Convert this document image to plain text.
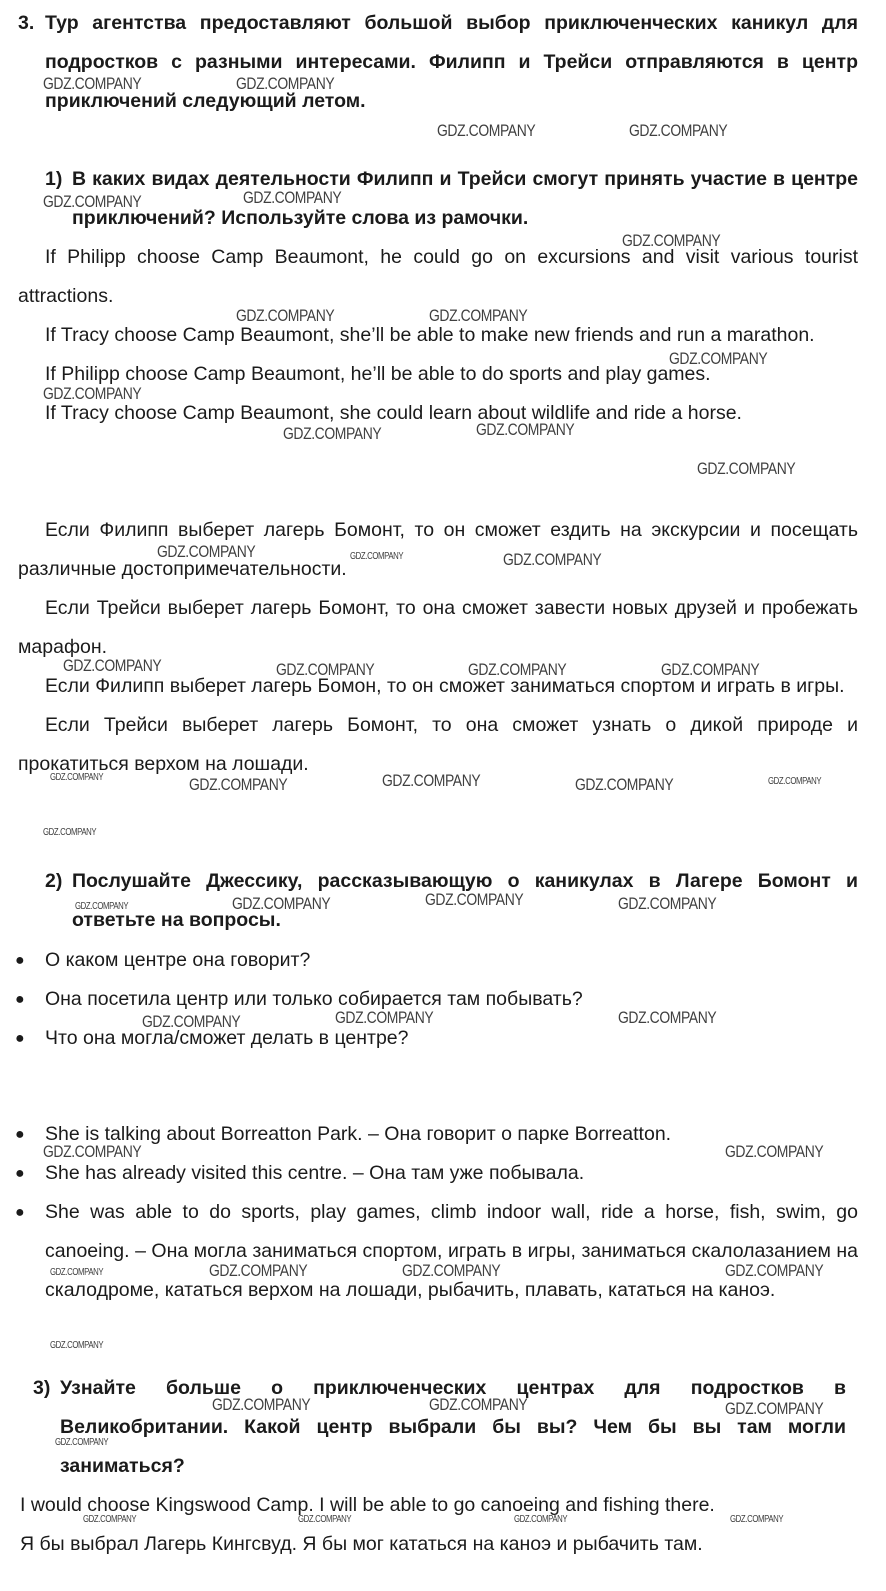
3. Тур агентства предоставляют большой выбор приключенческих каникул для подростков с разными интересами. Филипп и Трейси отправляются в центр приключений следующий летом.
1) В каких видах деятельности Филипп и Трейси смогут принять участие в центре приключений? Используйте слова из рамочки.
If Philipp choose Camp Beaumont, he could go on excursions and visit various tourist attractions.
If Tracy choose Camp Beaumont, she’ll be able to make new friends and run a marathon.
If Philipp choose Camp Beaumont, he’ll be able to do sports and play games.
If Tracy choose Camp Beaumont, she could learn about wildlife and ride a horse.
Если Филипп выберет лагерь Бомонт, то он сможет ездить на экскурсии и посещать различные достопримечательности.
Если Трейси выберет лагерь Бомонт, то она сможет завести новых друзей и пробежать марафон.
Если Филипп выберет лагерь Бомон, то он сможет заниматься спортом и играть в игры.
Если Трейси выберет лагерь Бомонт, то она сможет узнать о дикой природе и прокатиться верхом на лошади.
2) Послушайте Джессику, рассказывающую о каникулах в Лагере Бомонт и ответьте на вопросы.
● О каком центре она говорит?
● Она посетила центр или только собирается там побывать?
● Что она могла/сможет делать в центре?
● She is talking about Borreatton Park. – Она говорит о парке Borreatton.
● She has already visited this centre. – Она там уже побывала.
● She was able to do sports, play games, climb indoor wall, ride a horse, fish, swim, go canoeing. – Она могла заниматься спортом, играть в игры, заниматься скалолазанием на скалодроме, кататься верхом на лошади, рыбачить, плавать, кататься на каноэ.
3) Узнайте больше о приключенческих центрах для подростков в Великобритании. Какой центр выбрали бы вы? Чем бы вы там могли заниматься?
I would choose Kingswood Camp. I will be able to go canoeing and fishing there.
Я бы выбрал Лагерь Кингсвуд. Я бы мог кататься на каноэ и рыбачить там.
GDZ.COMPANY	GDZ.COMPANY
GDZ.COMPANY	GDZ.COMPANY
GDZ.COMPANY	GDZ.COMPANY
GDZ.COMPANY
GDZ.COMPANY	GDZ.COMPANY
GDZ.COMPANY
GDZ.COMPANY
GDZ.COMPANY	GDZ.COMPANY
GDZ.COMPANY
GDZ.COMPANY	GDZ.COMPANY	GDZ.COMPANY
GDZ.COMPANY	GDZ.COMPANY	GDZ.COMPANY	GDZ.COMPANY
GDZ.COMPANY	GDZ.COMPANY	GDZ.COMPANY	GDZ.COMPANY	GDZ.COMPANY
GDZ.COMPANY
GDZ.COMPANY	GDZ.COMPANY	GDZ.COMPANY	GDZ.COMPANY
GDZ.COMPANY	GDZ.COMPANY	GDZ.COMPANY
GDZ.COMPANY	GDZ.COMPANY
GDZ.COMPANY	GDZ.COMPANY	GDZ.COMPANY	GDZ.COMPANY
GDZ.COMPANY
GDZ.COMPANY	GDZ.COMPANY	GDZ.COMPANY
GDZ.COMPANY
GDZ.COMPANY	GDZ.COMPANY	GDZ.COMPANY	GDZ.COMPANY
